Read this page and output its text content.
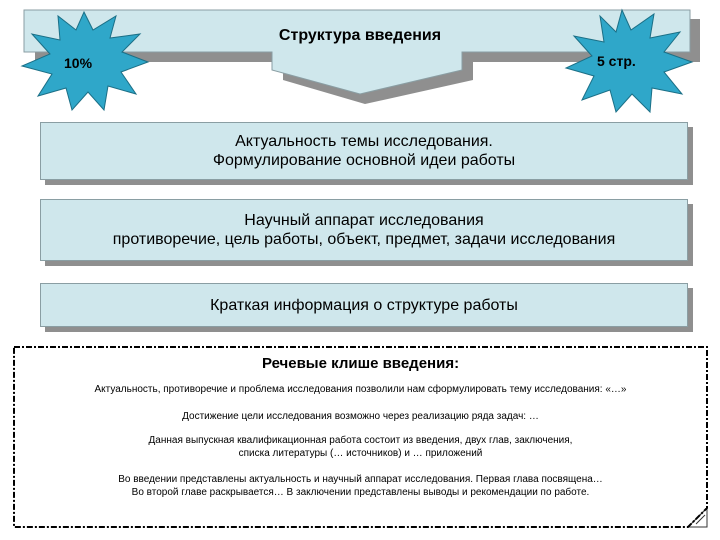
Структура введения
10%	5 стр.
Актуальность темы исследования.
Формулирование основной идеи работы
Научный аппарат исследования
противоречие, цель работы, объект, предмет, задачи исследования
Краткая информация о структуре работы
Речевые клише введения:
Актуальность, противоречие и проблема исследования позволили нам сформулировать тему исследования: «…»
Достижение цели исследования возможно через реализацию ряда задач: …
Данная выпускная квалификационная работа состоит из введения, двух глав, заключения,
списка литературы (… источников) и … приложений
Во введении представлены актуальность и научный аппарат исследования. Первая глава посвящена…
Во второй главе раскрывается… В заключении представлены выводы и рекомендации по работе.
